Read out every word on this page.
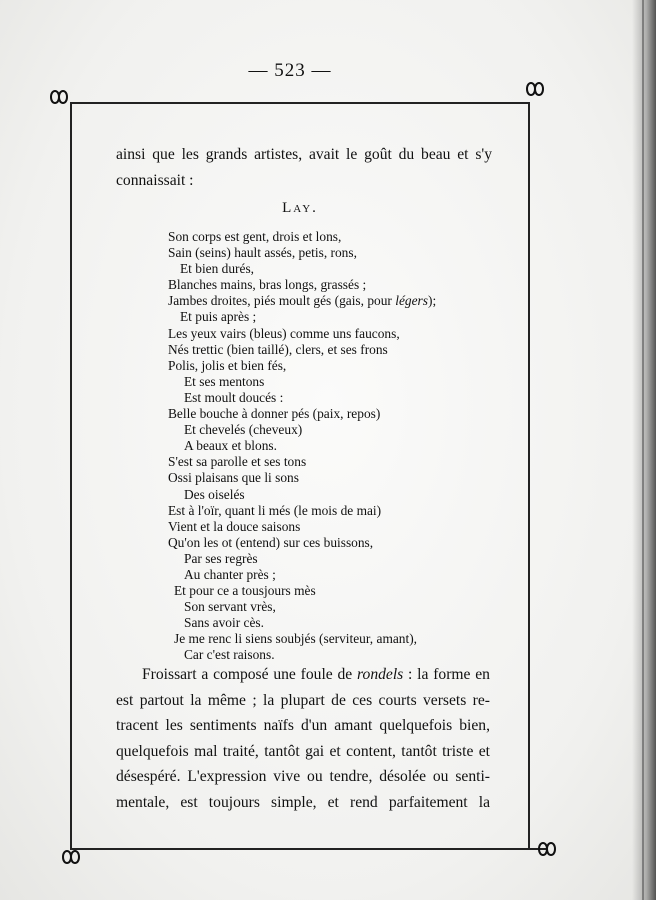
— 523 —
ainsi que les grands artistes, avait le goût du beau et s'y
connaissait :
Lay.
Son corps est gent, drois et lons,
Sain (seins) hault assés, petis, rons,
Et bien durés,
Blanches mains, bras longs, grassés ;
Jambes droites, piés moult gés (gais, pour légers);
Et puis après ;
Les yeux vairs (bleus) comme uns faucons,
Nés trettic (bien taillé), clers, et ses frons
Polis, jolis et bien fés,
Et ses mentons
Est moult doucés :
Belle bouche à donner pés (paix, repos)
Et chevelés (cheveux)
A beaux et blons.
S'est sa parolle et ses tons
Ossi plaisans que li sons
Des oiselés
Est à l'oïr, quant li més (le mois de mai)
Vient et la douce saisons
Qu'on les ot (entend) sur ces buissons,
Par ses regrès
Au chanter près ;
Et pour ce a tousjours mès
Son servant vrès,
Sans avoir cès.
Je me renc li siens soubjés (serviteur, amant),
Car c'est raisons.
Froissart a composé une foule de rondels : la forme en
est partout la même ; la plupart de ces courts versets re-
tracent les sentiments naïfs d'un amant quelquefois bien,
quelquefois mal traité, tantôt gai et content, tantôt triste et
désespéré. L'expression vive ou tendre, désolée ou senti-
mentale, est toujours simple, et rend parfaitement la
